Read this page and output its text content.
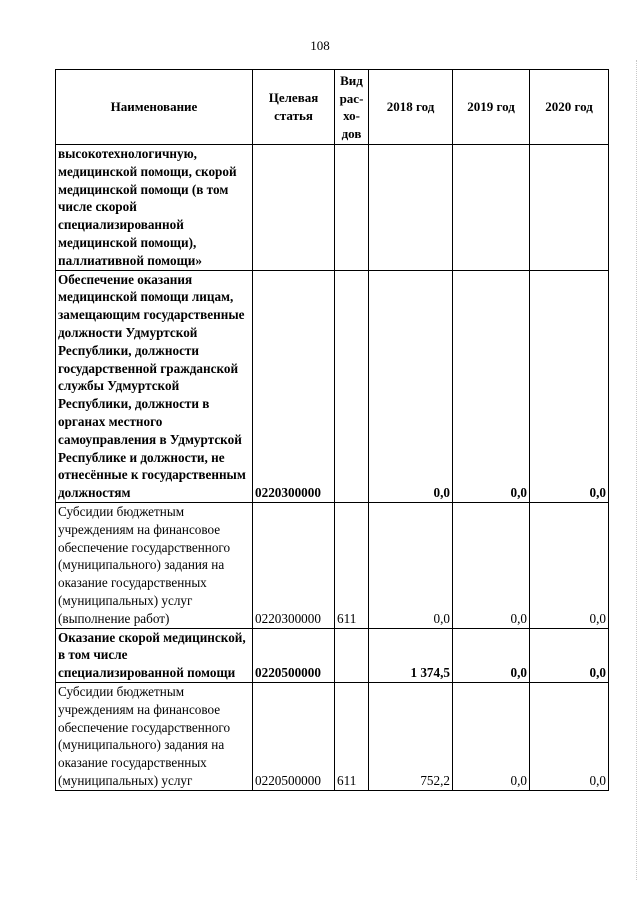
108
Наименование	Целевая статья	Вид
рас-
хо-
дов	2018 год	2019 год	2020 год
высокотехнологичную, медицинской помощи, скорой медицинской помощи (в том числе скорой специализированной медицинской помощи), паллиативной помощи»					
Обеспечение оказания медицинской помощи лицам, замещающим государственные должности Удмуртской Республики, должности государственной гражданской службы Удмуртской Республики, должности в органах местного самоуправления в Удмуртской Республике и должности, не отнесённые к государственным должностям	0220300000		0,0	0,0	0,0
Субсидии бюджетным учреждениям на финансовое обеспечение государственного (муниципального) задания на оказание государственных (муниципальных) услуг (выполнение работ)	0220300000	611	0,0	0,0	0,0
Оказание скорой медицинской, в том числе специализированной помощи	0220500000		1 374,5	0,0	0,0
Субсидии бюджетным учреждениям на финансовое обеспечение государственного (муниципального) задания на оказание государственных (муниципальных) услуг	0220500000	611	752,2	0,0	0,0
